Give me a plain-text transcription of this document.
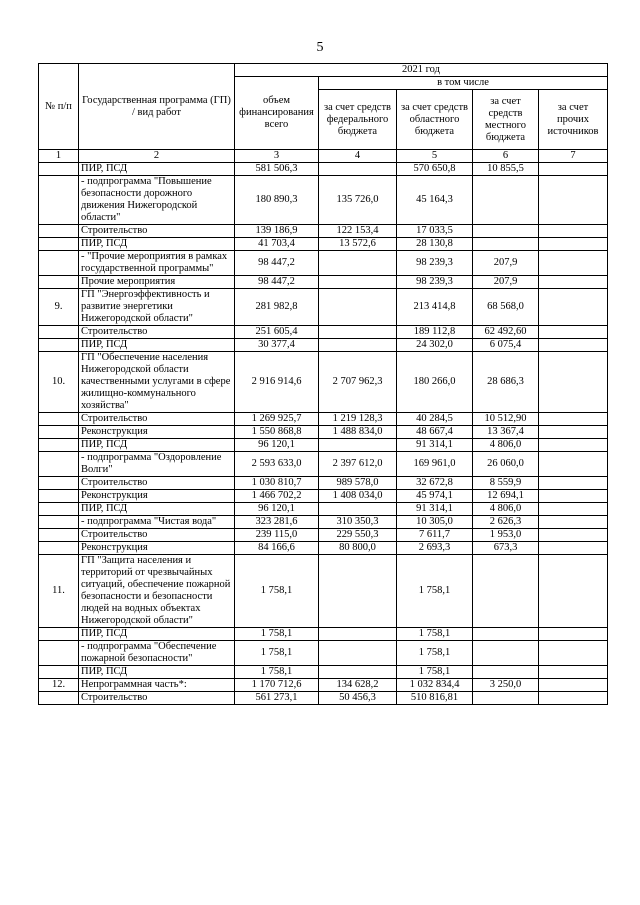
5
№ п/п	Государственная программа (ГП) / вид работ	2021 год				
		объем финансирования всего	в том числе			
			за счет средств федерального бюджета	за счет средств областного бюджета	за счет средств местного бюджета	за счет прочих источников
1	2	3	4	5	6	7
	ПИР, ПСД	581 506,3		570 650,8	10 855,5	
	- подпрограмма "Повышение безопасности дорожного движения Нижегородской области"	180 890,3	135 726,0	45 164,3		
	Строительство	139 186,9	122 153,4	17 033,5		
	ПИР, ПСД	41 703,4	13 572,6	28 130,8		
	- "Прочие мероприятия в рамках государственной программы"	98 447,2		98 239,3	207,9	
	Прочие мероприятия	98 447,2		98 239,3	207,9	
9.	ГП "Энергоэффективность и развитие энергетики Нижегородской области"	281 982,8		213 414,8	68 568,0	
	Строительство	251 605,4		189 112,8	62 492,60	
	ПИР, ПСД	30 377,4		24 302,0	6 075,4	
10.	ГП "Обеспечение населения Нижегородской области качественными услугами в сфере жилищно-коммунального хозяйства"	2 916 914,6	2 707 962,3	180 266,0	28 686,3	
	Строительство	1 269 925,7	1 219 128,3	40 284,5	10 512,90	
	Реконструкция	1 550 868,8	1 488 834,0	48 667,4	13 367,4	
	ПИР, ПСД	96 120,1		91 314,1	4 806,0	
	- подпрограмма "Оздоровление Волги"	2 593 633,0	2 397 612,0	169 961,0	26 060,0	
	Строительство	1 030 810,7	989 578,0	32 672,8	8 559,9	
	Реконструкция	1 466 702,2	1 408 034,0	45 974,1	12 694,1	
	ПИР, ПСД	96 120,1		91 314,1	4 806,0	
	- подпрограмма "Чистая вода"	323 281,6	310 350,3	10 305,0	2 626,3	
	Строительство	239 115,0	229 550,3	7 611,7	1 953,0	
	Реконструкция	84 166,6	80 800,0	2 693,3	673,3	
11.	ГП "Защита населения и территорий от чрезвычайных ситуаций, обеспечение пожарной безопасности и безопасности людей на водных объектах Нижегородской области"	1 758,1		1 758,1		
	ПИР, ПСД	1 758,1		1 758,1		
	- подпрограмма "Обеспечение пожарной безопасности"	1 758,1		1 758,1		
	ПИР, ПСД	1 758,1		1 758,1		
12.	Непрограммная часть*:	1 170 712,6	134 628,2	1 032 834,4	3 250,0	
	Строительство	561 273,1	50 456,3	510 816,81		
